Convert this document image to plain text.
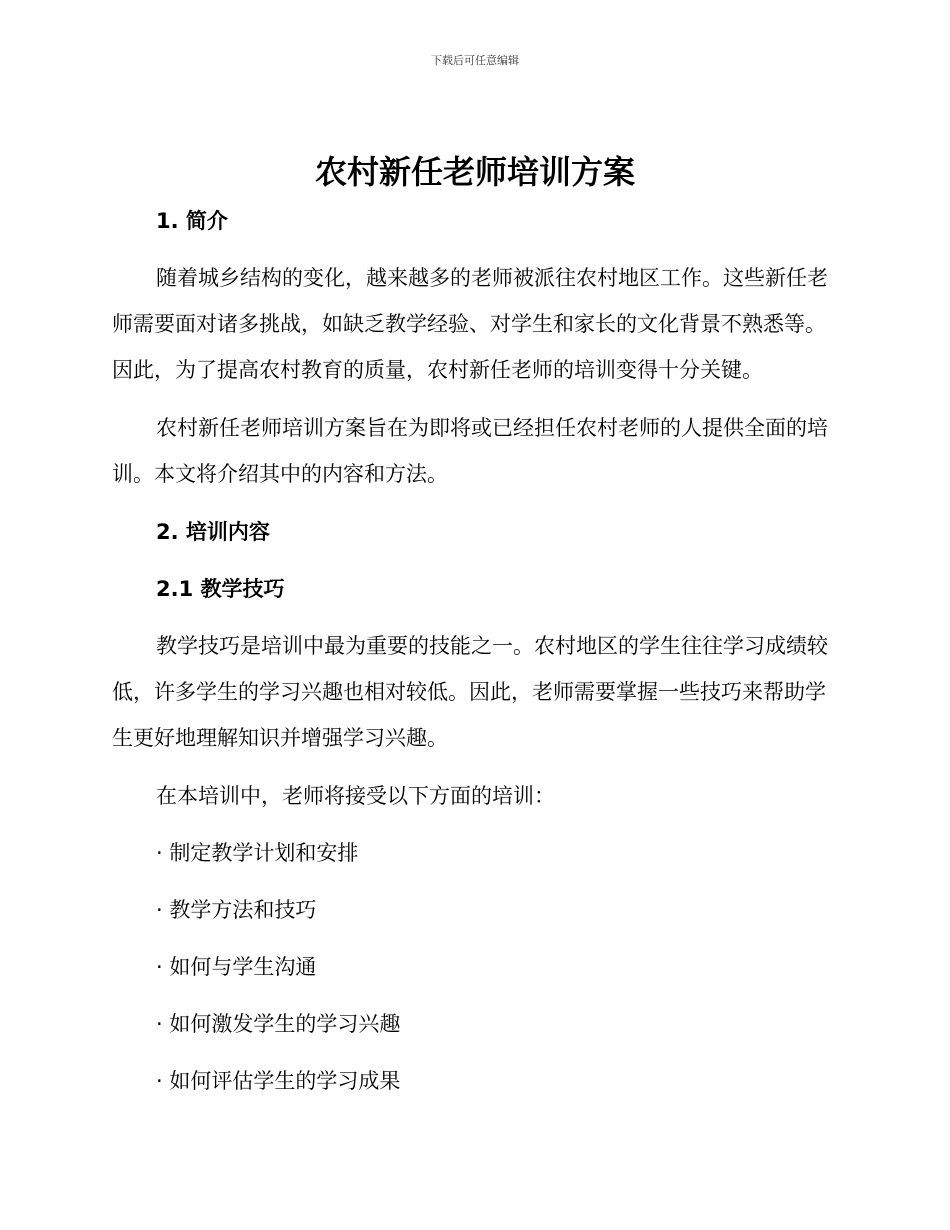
下载后可任意编辑
农村新任老师培训方案
1. 简介

随着城乡结构的变化，越来越多的老师被派往农村地区工作。这些新任老师需要面对诸多挑战，如缺乏教学经验、对学生和家长的文化背景不熟悉等。因此，为了提高农村教育的质量，农村新任老师的培训变得十分关键。

农村新任老师培训方案旨在为即将或已经担任农村老师的人提供全面的培训。本文将介绍其中的内容和方法。

2. 培训内容
2.1 教学技巧

教学技巧是培训中最为重要的技能之一。农村地区的学生往往学习成绩较低，许多学生的学习兴趣也相对较低。因此，老师需要掌握一些技巧来帮助学生更好地理解知识并增强学习兴趣。

在本培训中，老师将接受以下方面的培训：

· 制定教学计划和安排
· 教学方法和技巧
· 如何与学生沟通
· 如何激发学生的学习兴趣
· 如何评估学生的学习成果
